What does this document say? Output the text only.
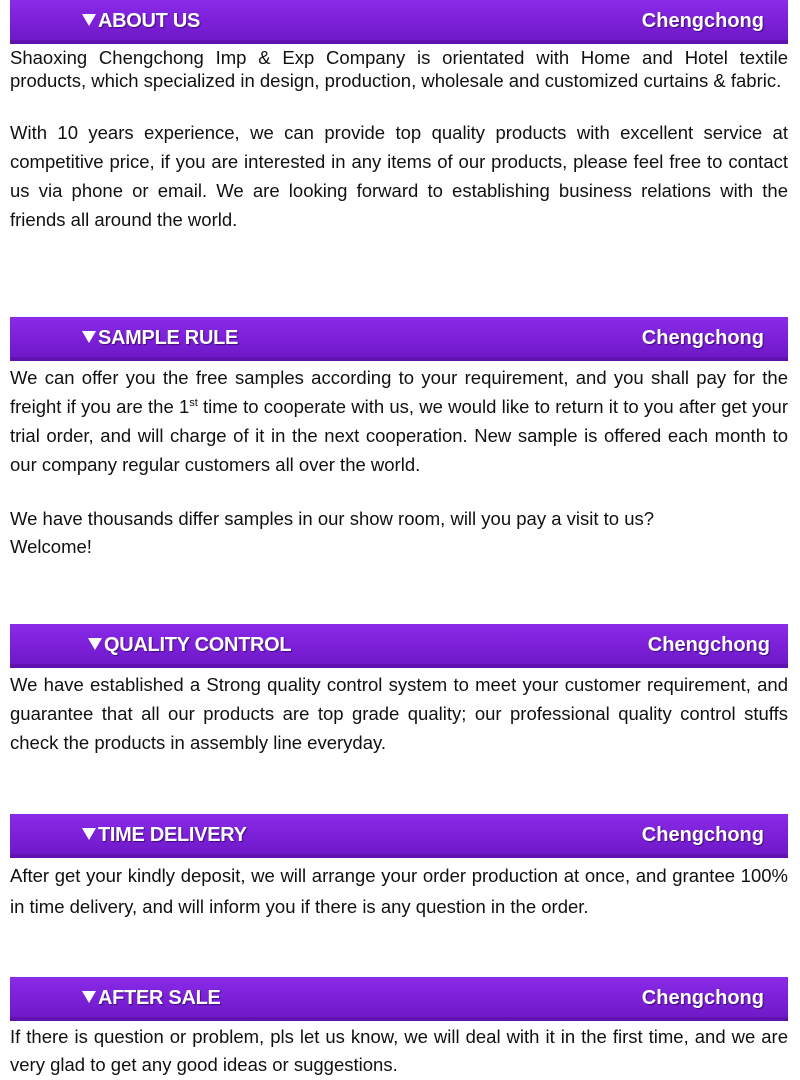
ABOUT US	Chengchong

Shaoxing Chengchong Imp & Exp Company is orientated with Home and Hotel textile products, which specialized in design, production, wholesale and customized curtains & fabric.

With 10 years experience, we can provide top quality products with excellent service at competitive price, if you are interested in any items of our products, please feel free to contact us via phone or email. We are looking forward to establishing business relations with the friends all around the world.

SAMPLE RULE	Chengchong

We can offer you the free samples according to your requirement, and you shall pay for the freight if you are the 1st time to cooperate with us, we would like to return it to you after get your trial order, and will charge of it in the next cooperation. New sample is offered each month to our company regular customers all over the world.

We have thousands differ samples in our show room, will you pay a visit to us?
Welcome!

QUALITY CONTROL	Chengchong

We have established a Strong quality control system to meet your customer requirement, and guarantee that all our products are top grade quality; our professional quality control stuffs check the products in assembly line everyday.

TIME DELIVERY	Chengchong

After get your kindly deposit, we will arrange your order production at once, and grantee 100% in time delivery, and will inform you if there is any question in the order.

AFTER SALE	Chengchong

If there is question or problem, pls let us know, we will deal with it in the first time, and we are very glad to get any good ideas or suggestions.
